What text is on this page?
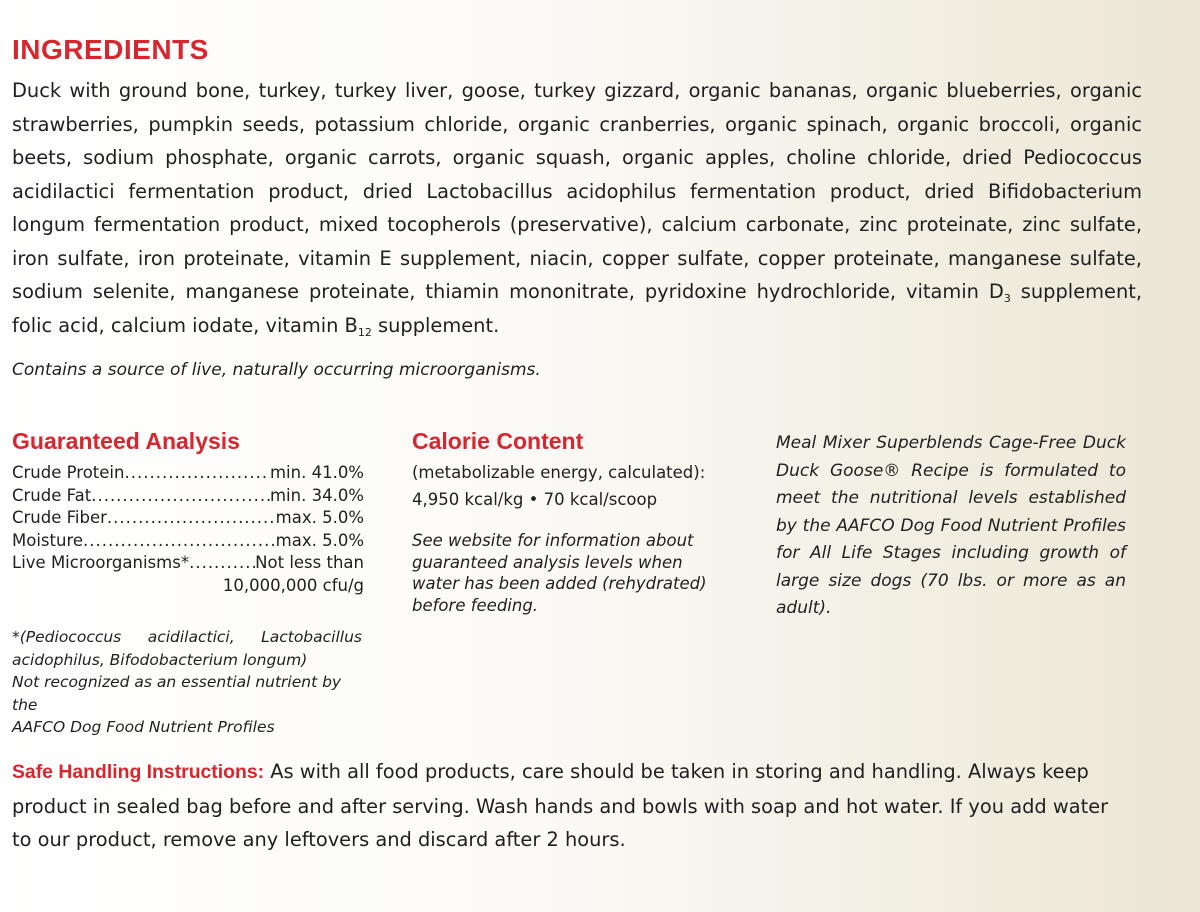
INGREDIENTS

Duck with ground bone, turkey, turkey liver, goose, turkey gizzard, organic bananas, organic blueberries, organic strawberries, pumpkin seeds, potassium chloride, organic cranberries, organic spinach, organic broccoli, organic beets, sodium phosphate, organic carrots, organic squash, organic apples, choline chloride, dried Pediococcus acidilactici fermentation product, dried Lactobacillus acidophilus fermentation product, dried Bifidobacterium longum fermentation product, mixed tocopherols (preservative), calcium carbonate, zinc proteinate, zinc sulfate, iron sulfate, iron proteinate, vitamin E supplement, niacin, copper sulfate, copper proteinate, manganese sulfate, sodium selenite, manganese proteinate, thiamin mononitrate, pyridoxine hydrochloride, vitamin $D_3$ supplement, folic acid, calcium iodate, vitamin $B_{12}$ supplement.

Contains a source of live, naturally occurring microorganisms.

Guaranteed Analysis
Crude Protein .....	min. 41.0%
Crude Fat .....	min. 34.0%
Crude Fiber .....	max. 5.0%
Moisture .....	max. 5.0%
Live Microorganisms* .....	Not less than
10,000,000 cfu/g

*(Pediococcus acidilactici, Lactobacillus
acidophilus, Bifodobacterium longum)
Not recognized as an essential nutrient by the
AAFCO Dog Food Nutrient Profiles

Calorie Content

(metabolizable energy, calculated):

4,950 kcal/kg • 70 kcal/scoop

See website for information about guaranteed analysis levels when water has been added (rehydrated) before feeding.

Meal Mixer Superblends Cage-Free Duck Duck Goose® Recipe is formulated to meet the nutritional levels established by the AAFCO Dog Food Nutrient Profiles for All Life Stages including growth of large size dogs (70 lbs. or more as an adult).

Safe Handling Instructions: As with all food products, care should be taken in storing and handling. Always keep product in sealed bag before and after serving. Wash hands and bowls with soap and hot water. If you add water to our product, remove any leftovers and discard after 2 hours.
